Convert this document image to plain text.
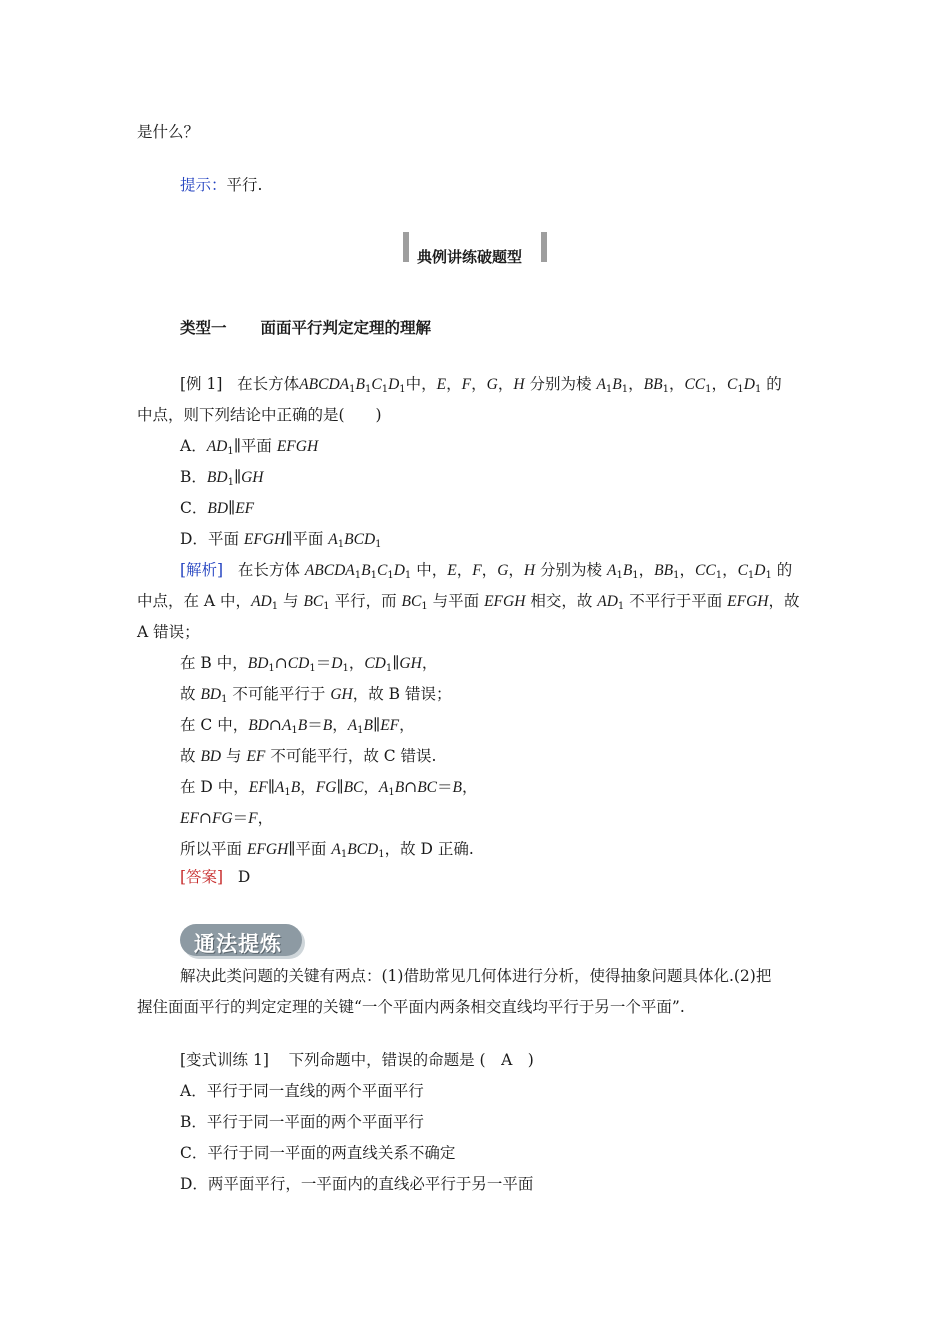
是什么？
提示：平行.
典例讲练破题型
类型一 面面平行判定定理的理解
[例 1] 在长方体$ABCDA_1B_1C_1D_1$中，E，F，G，H 分别为棱 $A_1B_1$，$BB_1$，$CC_1$，$C_1D_1$ 的
中点，则下列结论中正确的是(　　)
A．$AD_1\parallel$平面 EFGH
B．$BD_1\parallel GH$
C．BD∥EF
D．平面 EFGH∥平面 $A_1BCD_1$
[解析]   在长方体 $ABCDA_1B_1C_1D_1$ 中，E，F，G，H 分别为棱 $A_1B_1$，$BB_1$，$CC_1$，$C_1D_1$ 的
中点，在 A 中，$AD_1$ 与 $BC_1$ 平行，而 $BC_1$ 与平面 EFGH 相交，故 $AD_1$ 不平行于平面 EFGH，故
A 错误；
在 B 中，$BD_1\cap CD_1=D_1$，$CD_1\parallel GH$，
故 $BD_1$ 不可能平行于 GH，故 B 错误；
在 C 中，$BD\cap A_1B=B$，$A_1B\parallel EF$，
故 BD 与 EF 不可能平行，故 C 错误.
在 D 中，$EF\parallel A_1B$，FG∥BC，$A_1B\cap BC=B$，
EF∩FG＝F，
所以平面 EFGH∥平面 $A_1BCD_1$，故 D 正确.
[答案] D
通法提炼
解决此类问题的关键有两点：(1)借助常见几何体进行分析，使得抽象问题具体化.(2)把
握住面面平行的判定定理的关键“一个平面内两条相交直线均平行于另一个平面”.
[变式训练 1] 下列命题中，错误的命题是 (　A　)
A．平行于同一直线的两个平面平行
B．平行于同一平面的两个平面平行
C．平行于同一平面的两直线关系不确定
D．两平面平行，一平面内的直线必平行于另一平面
